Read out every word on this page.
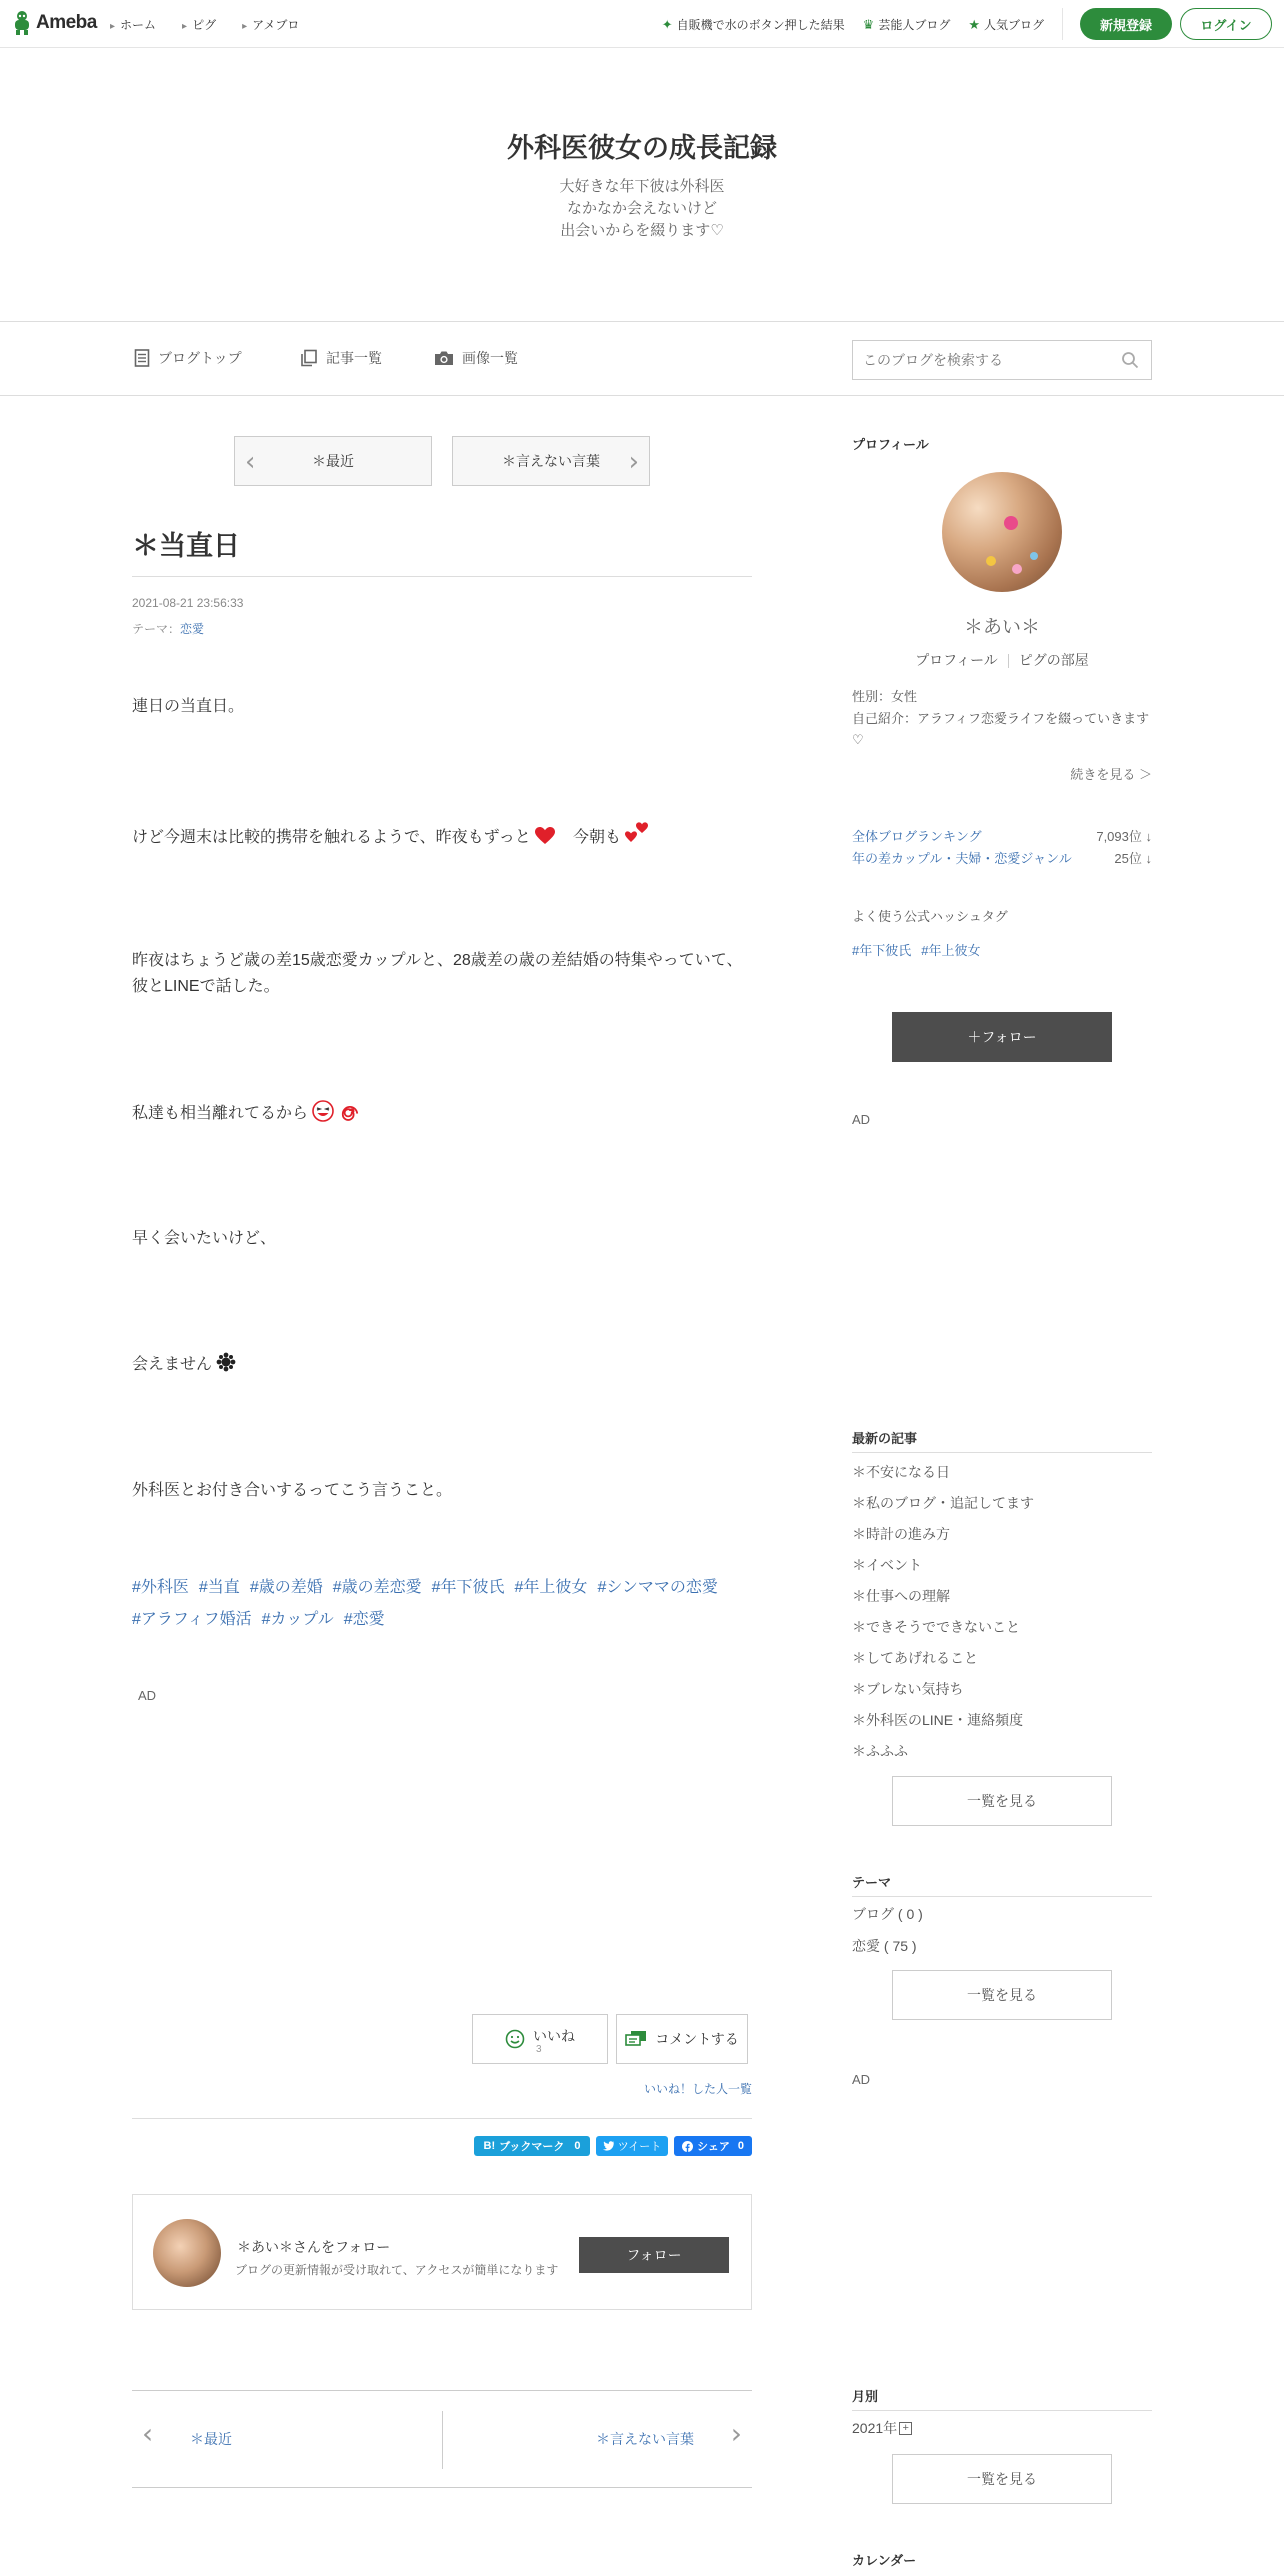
Ameba	▸ ホーム	▸ ピグ	▸ アメブロ	✦ 自販機で水のボタン押した結果 ♛ 芸能人ブログ ★ 人気ブログ	新規登録	ログイン
外科医彼女の成長記録
大好きな年下彼は外科医
なかなか会えないけど
出会いからを綴ります♡
ブログトップ	記事一覧	画像一覧
このブログを検索する
‹	＊最近	＊言えない言葉 ›
＊当直日
2021-08-21 23:56:33
テーマ：恋愛
連日の当直日。
けど今週末は比較的携帯を触れるようで、昨夜もずっと	今朝も
昨夜はちょうど歳の差15歳恋愛カップルと、28歳差の歳の差結婚の特集やっていて、
彼とLINEで話した。
私達も相当離れてるから
早く会いたいけど、
会えません
外科医とお付き合いするってこう言うこと。
#外科医 #当直 #歳の差婚 #歳の差恋愛 #年下彼氏 #年上彼女 #シンママの恋愛
#アラフィフ婚活 #カップル #恋愛
AD
いいね
3
コメントする
いいね！した人一覧
B! ブックマーク 0	ツイート	シェア 0
＊あい＊さんをフォロー
ブログの更新情報が受け取れて、アクセスが簡単になります
フォロー
‹	＊最近	＊言えない言葉 ›
プロフィール
＊あい＊
プロフィール ピグの部屋
性別：女性
自己紹介：アラフィフ恋愛ライフを綴っていきます♡
続きを見る ＞
全体ブログランキング	7,093位 ↓
年の差カップル・夫婦・恋愛ジャンル	25位 ↓
よく使う公式ハッシュタグ
#年下彼氏 #年上彼女
＋フォロー
AD
最新の記事
＊不安になる日
＊私のブログ・追記してます
＊時計の進み方
＊イベント
＊仕事への理解
＊できそうでできないこと
＊してあげれること
＊ブレない気持ち
＊外科医のLINE・連絡頻度
＊ふふふ
一覧を見る
テーマ
ブログ ( 0 )
恋愛 ( 75 )
一覧を見る
AD
月別
2021年 +
一覧を見る
カレンダー
